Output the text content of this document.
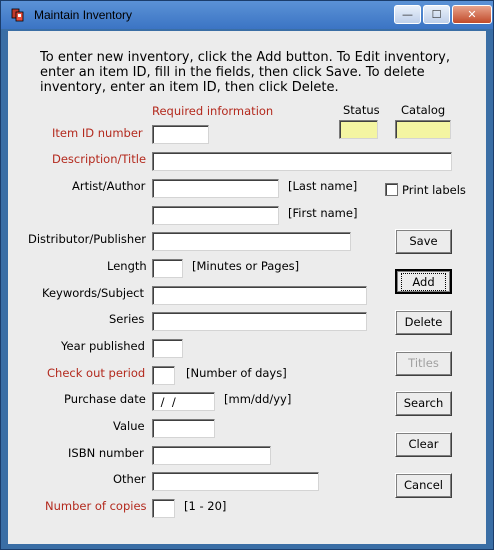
Maintain Inventory	— ☐ ✕
To enter new inventory, click the Add button. To Edit inventory, enter an item ID, fill in the fields, then click Save. To delete inventory, enter an item ID, then click Delete.
Required information	Status Catalog
Item ID number
Description/Title
Artist/Author	[Last name]
[First name]
Print labels
Distributor/Publisher
Length	[Minutes or Pages]
Keywords/Subject
Series
Year published
Check out period	[Number of days]
Purchase date
/ /	[mm/dd/yy]
Value
ISBN number
Other
Number of copies	[1 - 20]
Save
Add
Delete
Titles
Search
Clear
Cancel
